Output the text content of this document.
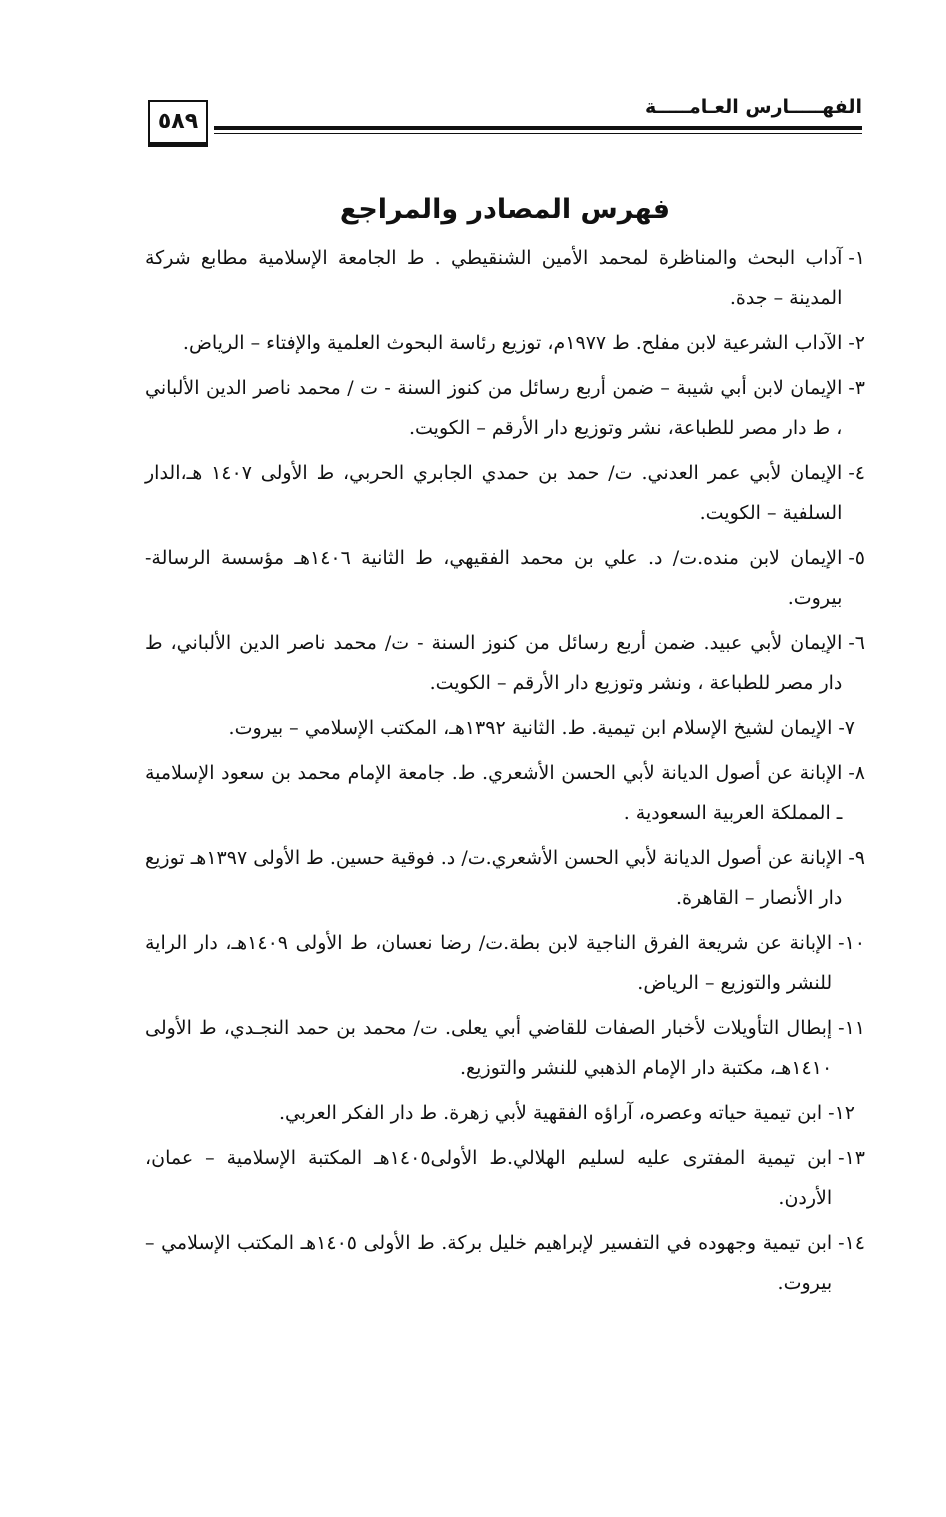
٥٨٩
الفهـــــارس العـامـــــة
فهرس المصادر والمراجع
١-
آداب البحث والمناظرة لمحمد الأمين الشنقيطي . ط الجامعة الإسلامية مطابع شركة المدينة – جدة.
٢-
الآداب الشرعية لابن مفلح. ط ١٩٧٧م، توزيع رئاسة البحوث العلمية والإفتاء – الرياض.
٣-
الإيمان لابن أبي شيبة – ضمن أربع رسائل من كنوز السنة - ت / محمد ناصر الدين الألباني ، ط دار مصر للطباعة، نشر وتوزيع دار الأرقم – الكويت.
٤-
الإيمان لأبي عمر العدني. ت/ حمد بن حمدي الجابري الحربي، ط الأولى ١٤٠٧ هـ،الدار السلفية – الكويت.
٥-
الإيمان لابن منده.ت/ د. علي بن محمد الفقيهي، ط الثانية ١٤٠٦هـ مؤسسة الرسالة- بيروت.
٦-
الإيمان لأبي عبيد. ضمن أربع رسائل من كنوز السنة - ت/ محمد ناصر الدين الألباني، ط دار مصر للطباعة ، ونشر وتوزيع دار الأرقم – الكويت.
٧-
الإيمان لشيخ الإسلام ابن تيمية. ط. الثانية ١٣٩٢هـ، المكتب الإسلامي – بيروت.
٨-
الإبانة عن أصول الديانة لأبي الحسن الأشعري. ط. جامعة الإمام محمد بن سعود الإسلامية ـ المملكة العربية السعودية .
٩-
الإبانة عن أصول الديانة لأبي الحسن الأشعري.ت/ د. فوقية حسين. ط الأولى ١٣٩٧هـ توزيع دار الأنصار – القاهرة.
١٠-
الإبانة عن شريعة الفرق الناجية لابن بطة.ت/ رضا نعسان، ط الأولى ١٤٠٩هـ، دار الراية للنشر والتوزيع – الرياض.
١١-
إبطال التأويلات لأخبار الصفات للقاضي أبي يعلى. ت/ محمد بن حمد النجـدي، ط الأولى ١٤١٠هـ، مكتبة دار الإمام الذهبي للنشر والتوزيع.
١٢-
ابن تيمية حياته وعصره، آراؤه الفقهية لأبي زهرة. ط دار الفكر العربي.
١٣-
ابن تيمية المفترى عليه لسليم الهلالي.ط الأولى١٤٠٥هـ المكتبة الإسلامية – عمان، الأردن.
١٤-
ابن تيمية وجهوده في التفسير لإبراهيم خليل بركة. ط الأولى ١٤٠٥هـ المكتب الإسلامي – بيروت.
